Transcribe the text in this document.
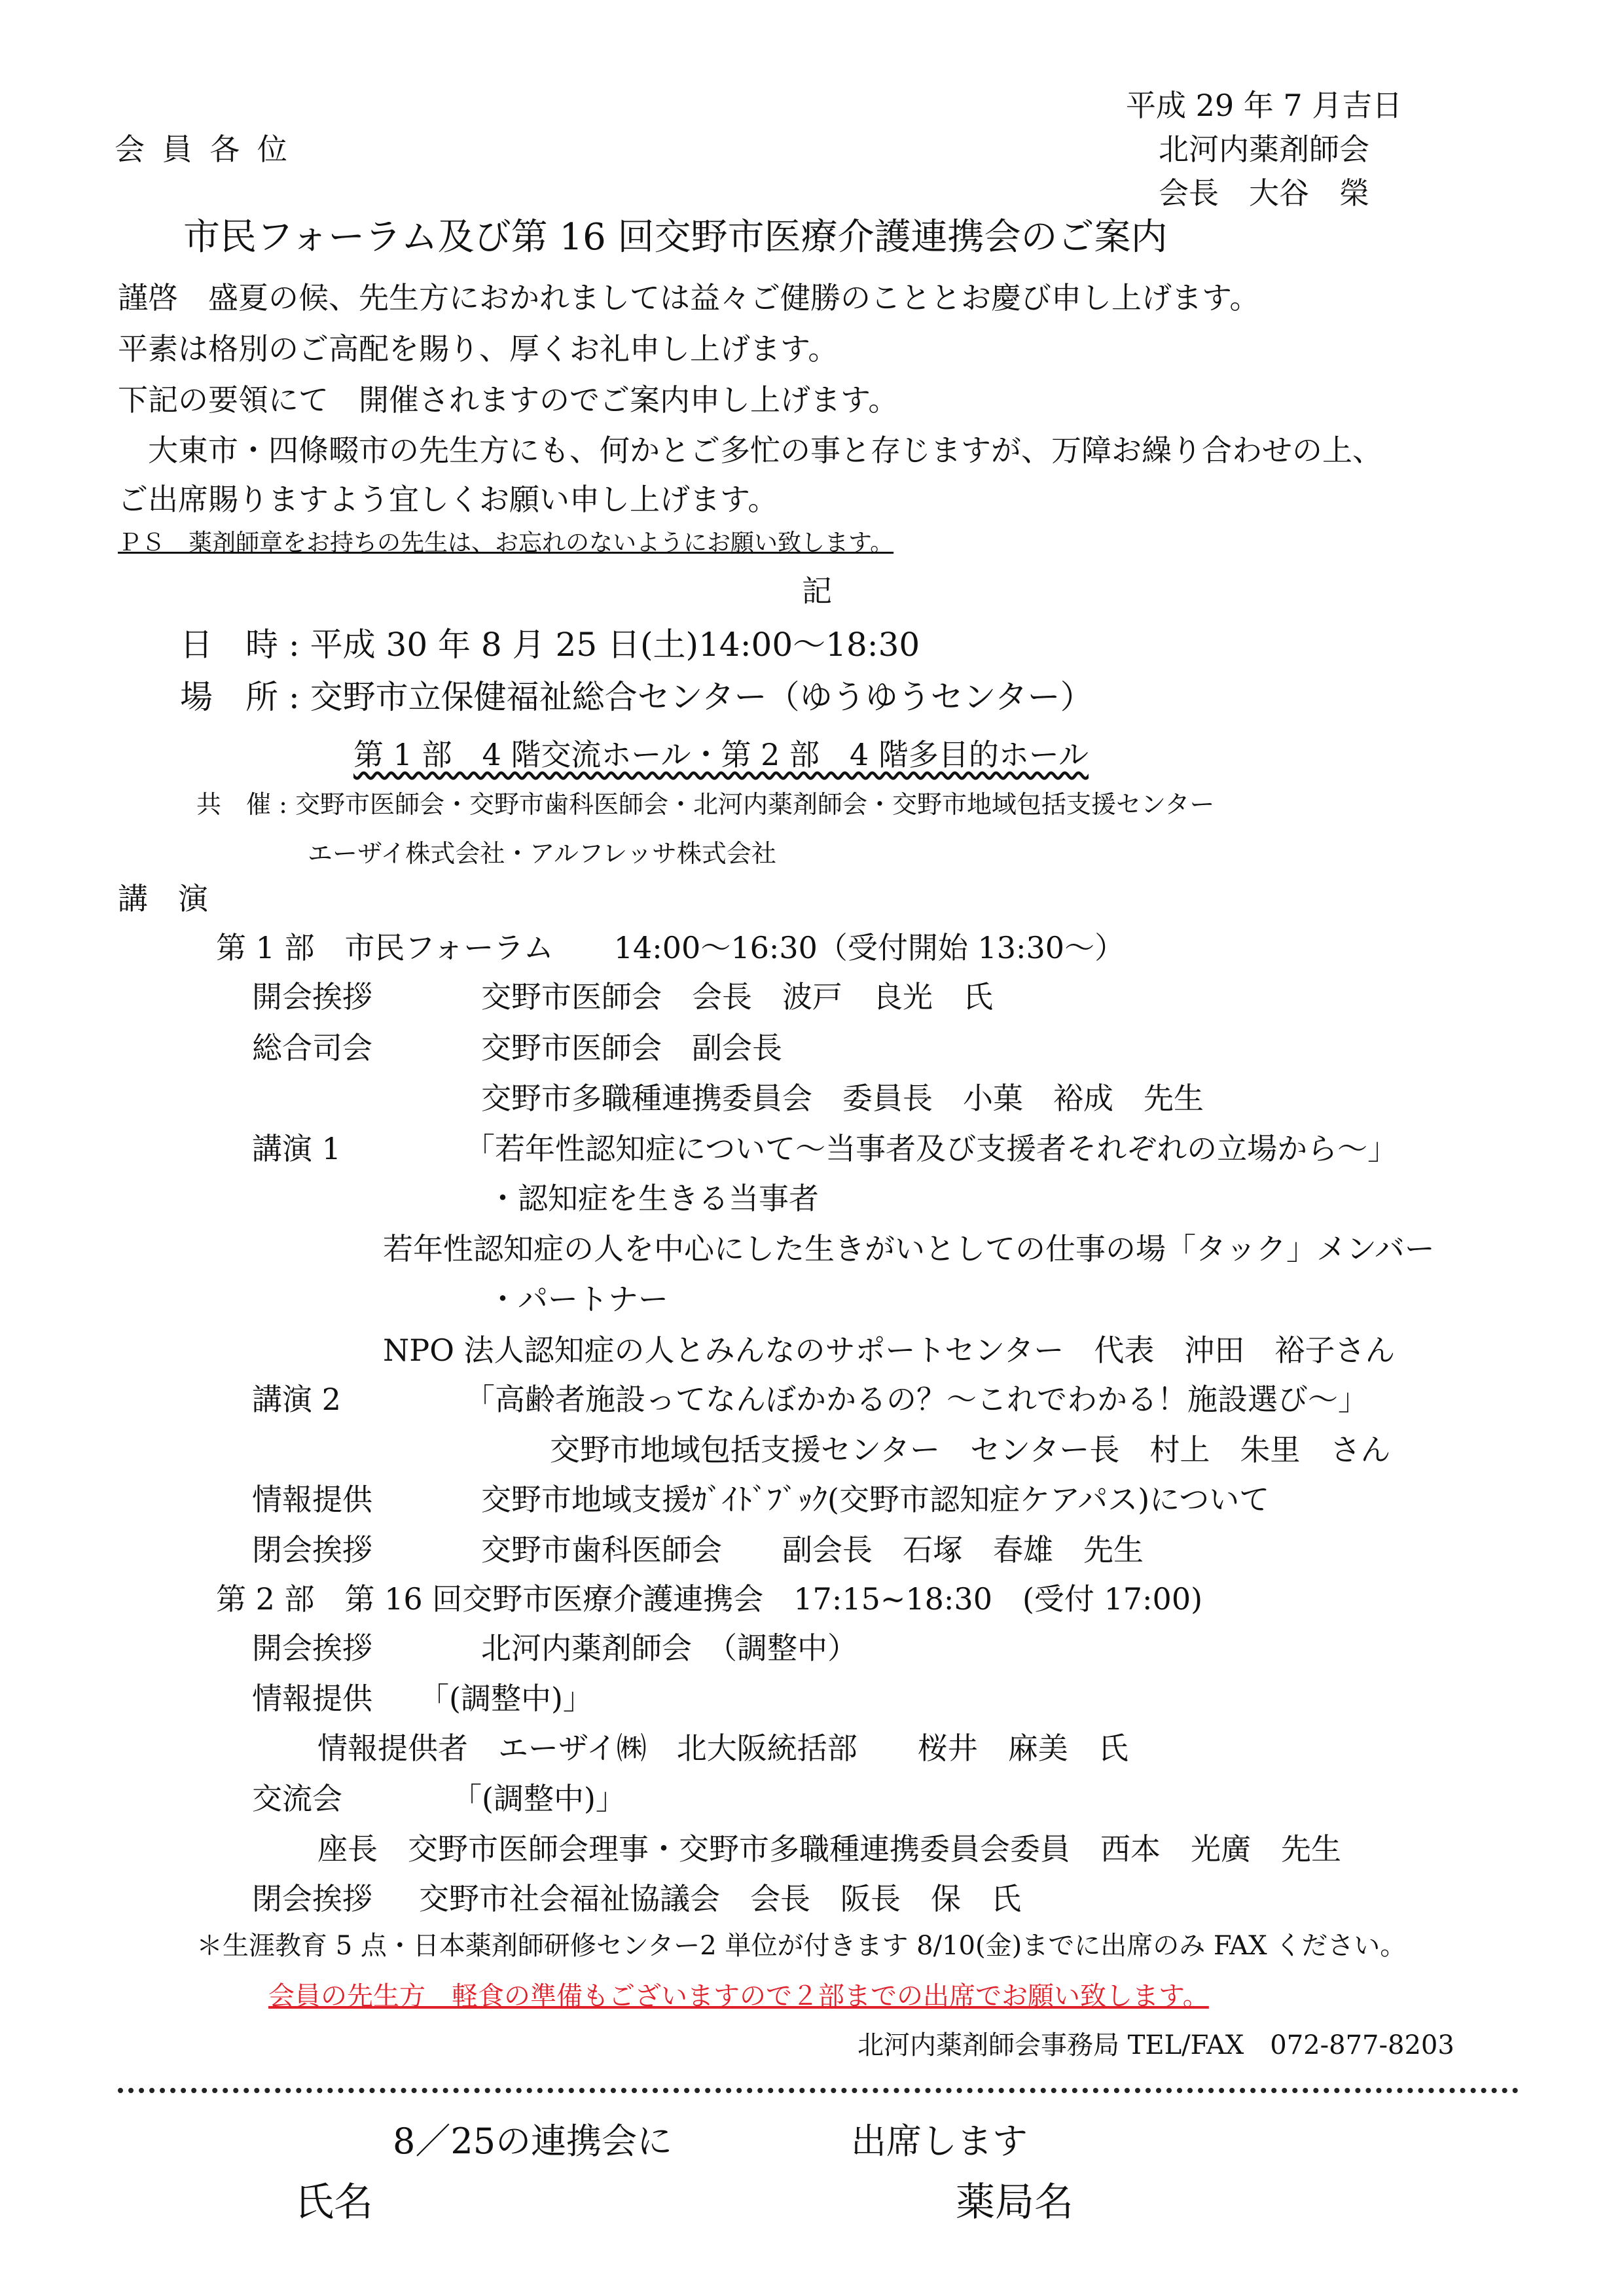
平成 29 年 7 月吉日
会 員 各 位	北河内薬剤師会
会長　大谷　榮
市民フォーラム及び第 16 回交野市医療介護連携会のご案内
謹啓　盛夏の候、先生方におかれましては益々ご健勝のこととお慶び申し上げます。
平素は格別のご高配を賜り、厚くお礼申し上げます。
下記の要領にて　開催されますのでご案内申し上げます。
　大東市・四條畷市の先生方にも、何かとご多忙の事と存じますが、万障お繰り合わせの上、
ご出席賜りますよう宜しくお願い申し上げます。
ＰＳ　薬剤師章をお持ちの先生は、お忘れのないようにお願い致します。
記
日　時 : 平成 30 年 8 月 25 日(土)14:00～18:30
場　所 : 交野市立保健福祉総合センター（ゆうゆうセンター）
第 1 部　4 階交流ホール・第 2 部　4 階多目的ホール
共　催 : 交野市医師会・交野市歯科医師会・北河内薬剤師会・交野市地域包括支援センター
エーザイ株式会社・アルフレッサ株式会社
講　演
第 1 部　市民フォーラム　　14:00～16:30（受付開始 13:30～）
開会挨拶	交野市医師会　会長　波戸　良光　氏
総合司会	交野市医師会　副会長
交野市多職種連携委員会　委員長　小菓　裕成　先生
講演 1	「若年性認知症について～当事者及び支援者それぞれの立場から～」
・認知症を生きる当事者
若年性認知症の人を中心にした生きがいとしての仕事の場「タック」メンバー
・パートナー
NPO 法人認知症の人とみんなのサポートセンター　代表　沖田　裕子さん
講演 2	「高齢者施設ってなんぼかかるの？～これでわかる！施設選び～」
交野市地域包括支援センター　センター長　村上　朱里　さん
情報提供	交野市地域支援ｶﾞｲﾄﾞﾌﾞｯｸ(交野市認知症ケアパス)について
閉会挨拶	交野市歯科医師会　　副会長　石塚　春雄　先生
第 2 部　第 16 回交野市医療介護連携会　17:15~18:30　(受付 17:00)
開会挨拶	北河内薬剤師会　（調整中）
情報提供 「(調整中)」
情報提供者　エーザイ㈱　北大阪統括部　　桜井　麻美　氏
交流会	「(調整中)」
座長　交野市医師会理事・交野市多職種連携委員会委員　西本　光廣　先生
閉会挨拶 交野市社会福祉協議会　会長　阪長　保　氏
＊生涯教育 5 点・日本薬剤師研修センター2 単位が付きます 8/10(金)までに出席のみ FAX ください。
会員の先生方　軽食の準備もございますので２部までの出席でお願い致します。
北河内薬剤師会事務局 TEL/FAX　072-877-8203
8／25の連携会に	出席します
氏名	薬局名
